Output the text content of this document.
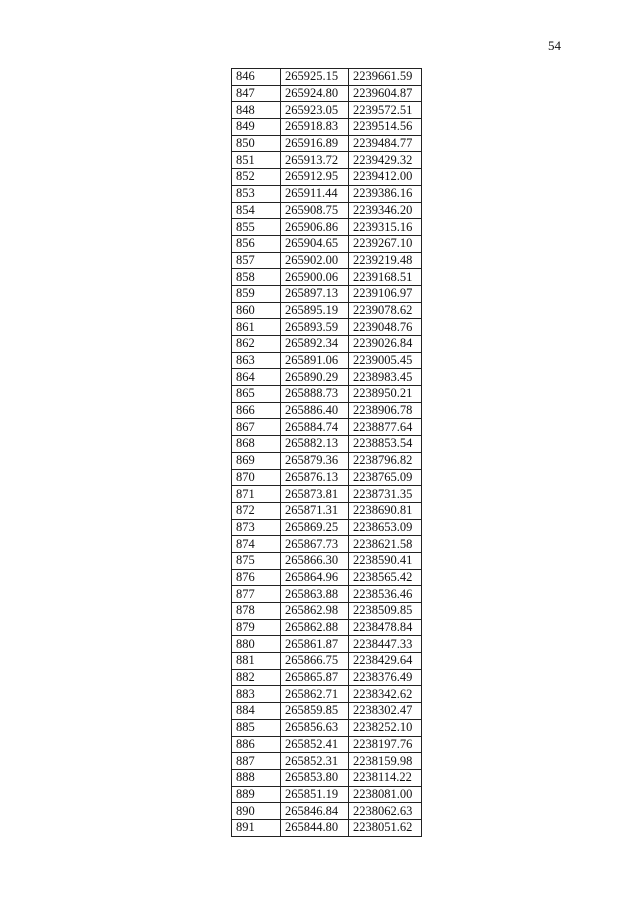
54
846	265925.15	2239661.59
847	265924.80	2239604.87
848	265923.05	2239572.51
849	265918.83	2239514.56
850	265916.89	2239484.77
851	265913.72	2239429.32
852	265912.95	2239412.00
853	265911.44	2239386.16
854	265908.75	2239346.20
855	265906.86	2239315.16
856	265904.65	2239267.10
857	265902.00	2239219.48
858	265900.06	2239168.51
859	265897.13	2239106.97
860	265895.19	2239078.62
861	265893.59	2239048.76
862	265892.34	2239026.84
863	265891.06	2239005.45
864	265890.29	2238983.45
865	265888.73	2238950.21
866	265886.40	2238906.78
867	265884.74	2238877.64
868	265882.13	2238853.54
869	265879.36	2238796.82
870	265876.13	2238765.09
871	265873.81	2238731.35
872	265871.31	2238690.81
873	265869.25	2238653.09
874	265867.73	2238621.58
875	265866.30	2238590.41
876	265864.96	2238565.42
877	265863.88	2238536.46
878	265862.98	2238509.85
879	265862.88	2238478.84
880	265861.87	2238447.33
881	265866.75	2238429.64
882	265865.87	2238376.49
883	265862.71	2238342.62
884	265859.85	2238302.47
885	265856.63	2238252.10
886	265852.41	2238197.76
887	265852.31	2238159.98
888	265853.80	2238114.22
889	265851.19	2238081.00
890	265846.84	2238062.63
891	265844.80	2238051.62
